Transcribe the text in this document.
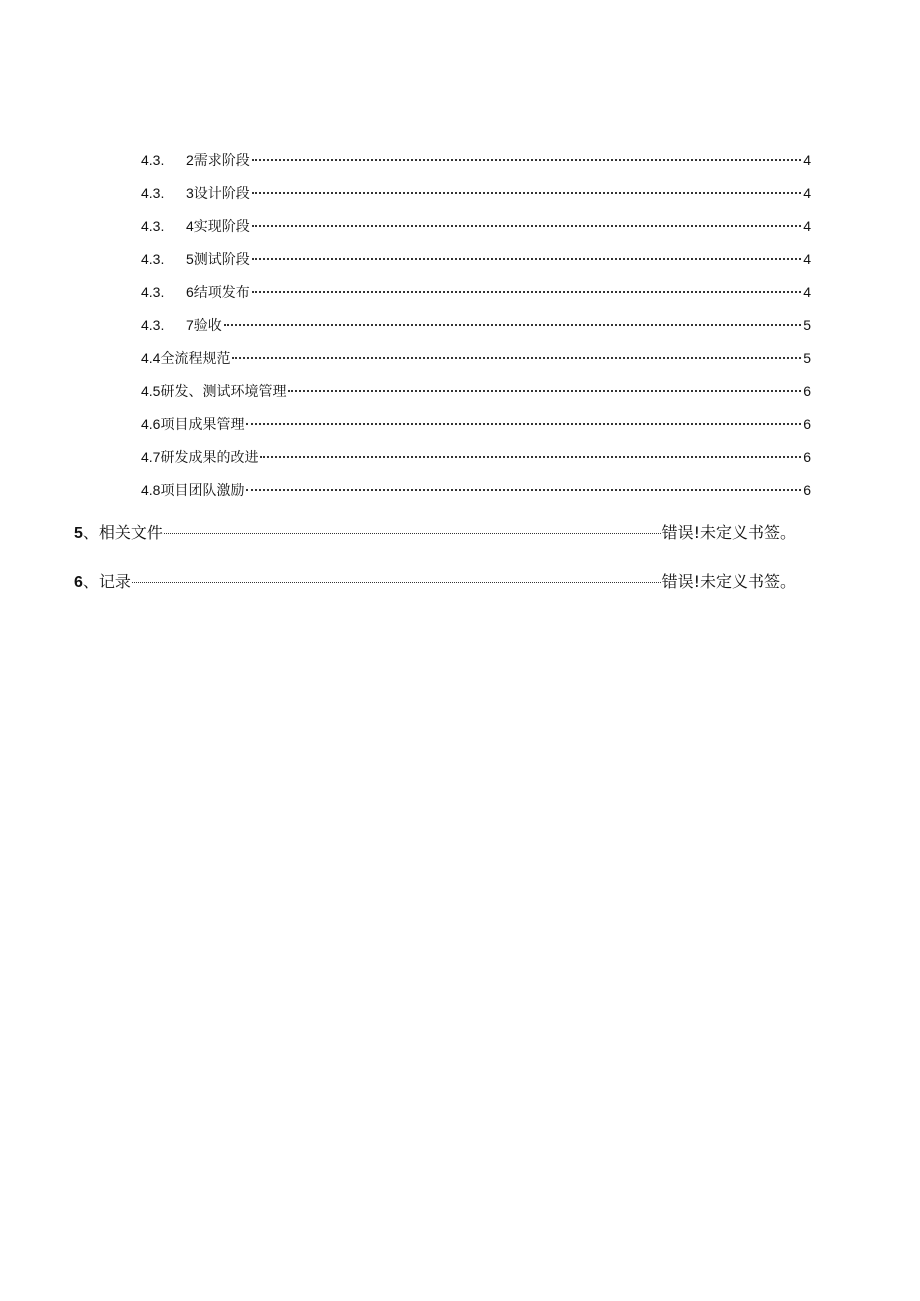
4.3.	2 需求阶段	4
4.3.	3 设计阶段	4
4.3.	4 实现阶段	4
4.3.	5 测试阶段	4
4.3.	6 结项发布	4
4.3.	7 验收	5
4.4 全流程规范	5
4.5 研发、测试环境管理	6
4.6 项目成果管理	6
4.7 研发成果的改进	6
4.8 项目团队激励	6
5 、相关文件	错误!未定义书签。
6 、记录	错误!未定义书签。
